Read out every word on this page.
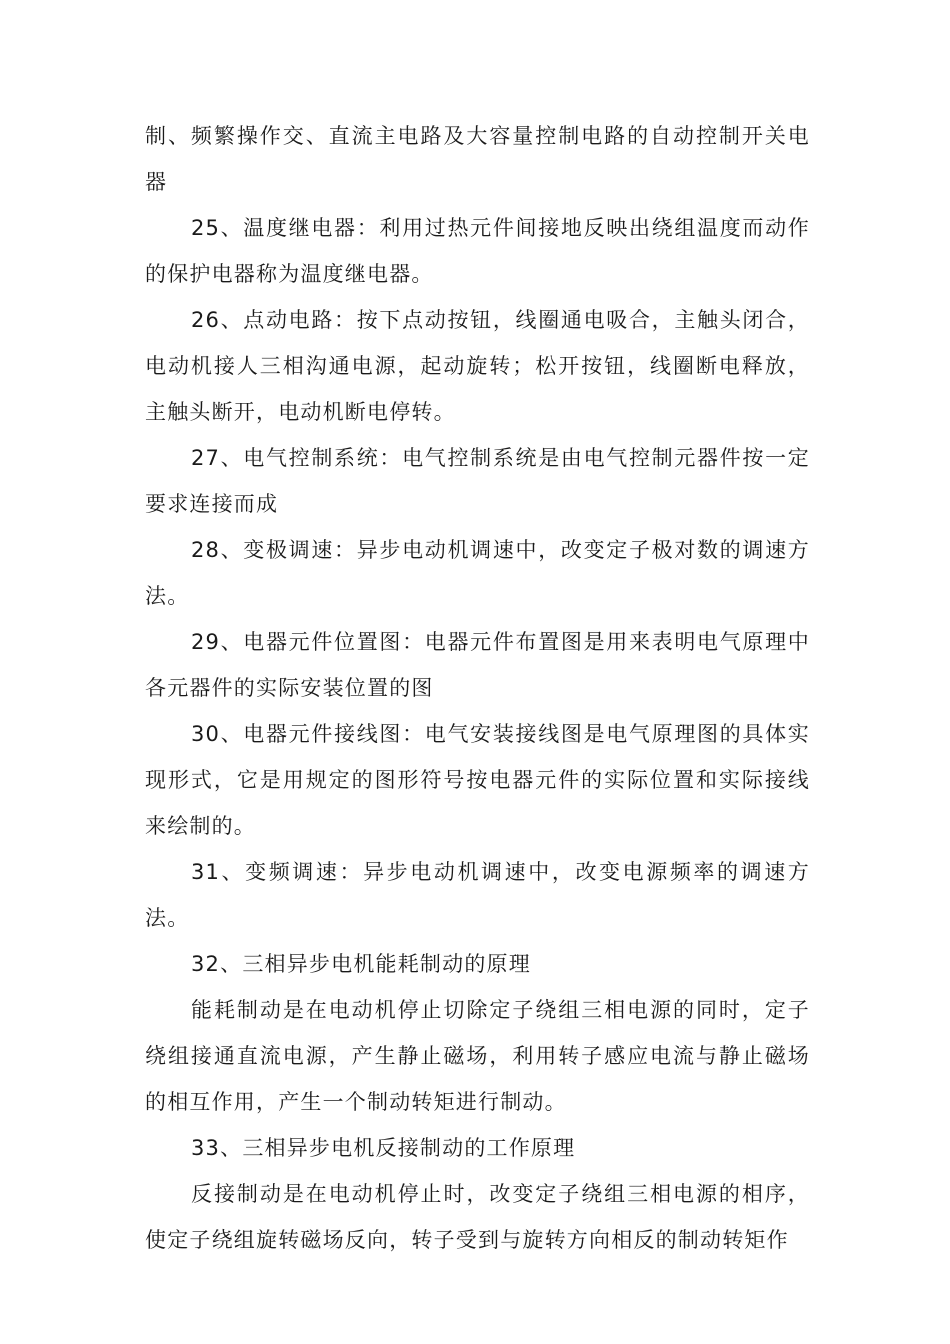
制、频繁操作交、直流主电路及大容量控制电路的自动控制开关电器

25、温度继电器：利用过热元件间接地反映出绕组温度而动作的保护电器称为温度继电器。

26、点动电路：按下点动按钮，线圈通电吸合，主触头闭合，电动机接人三相沟通电源，起动旋转；松开按钮，线圈断电释放，主触头断开，电动机断电停转。

27、电气控制系统：电气控制系统是由电气控制元器件按一定要求连接而成

28、变极调速：异步电动机调速中，改变定子极对数的调速方法。

29、电器元件位置图：电器元件布置图是用来表明电气原理中各元器件的实际安装位置的图

30、电器元件接线图：电气安装接线图是电气原理图的具体实现形式，它是用规定的图形符号按电器元件的实际位置和实际接线来绘制的。

31、变频调速：异步电动机调速中，改变电源频率的调速方法。

32、三相异步电机能耗制动的原理

能耗制动是在电动机停止切除定子绕组三相电源的同时，定子绕组接通直流电源，产生静止磁场，利用转子感应电流与静止磁场的相互作用，产生一个制动转矩进行制动。

33、三相异步电机反接制动的工作原理

反接制动是在电动机停止时，改变定子绕组三相电源的相序，使定子绕组旋转磁场反向，转子受到与旋转方向相反的制动转矩作
